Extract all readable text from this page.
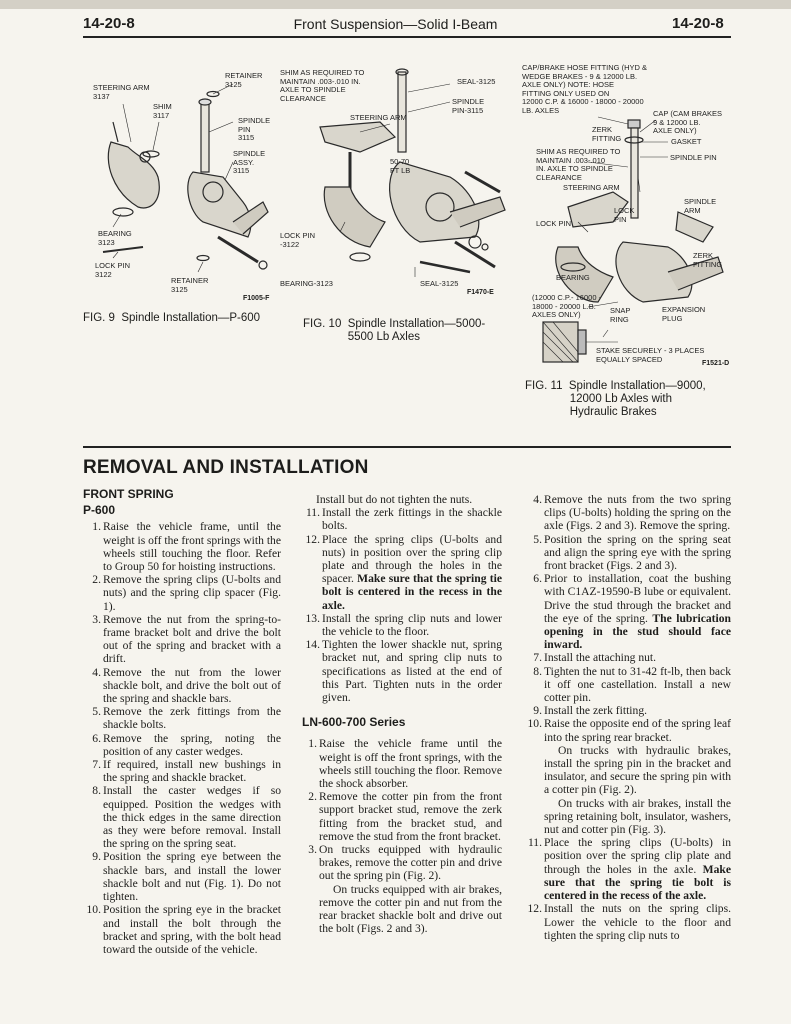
14-20-8	Front Suspension—Solid I-Beam	14-20-8
RETAINER
3125
STEERING ARM
3137
SHIM
3117
SPINDLE
PIN
3115
SPINDLE
ASSY.
3115
BEARING
3123
LOCK PIN
3122
RETAINER
3125
F1005-F
FIG. 9  Spindle Installation—P-600
SHIM AS REQUIRED TO
MAINTAIN .003-.010 IN.
AXLE TO SPINDLE
CLEARANCE
SEAL-3125
SPINDLE
PIN-3115
STEERING ARM
50-70
FT LB
LOCK PIN
-3122
BEARING-3123	SEAL-3125
F1470-E
FIG. 10  Spindle Installation—5000-
5500 Lb Axles
CAP/BRAKE HOSE FITTING (HYD &
WEDGE BRAKES - 9 & 12000 LB.
AXLE ONLY) NOTE: HOSE
FITTING ONLY USED ON
12000 C.P. & 16000 - 18000 - 20000
LB. AXLES	CAP (CAM BRAKES
9 & 12000 LB.
AXLE ONLY)
ZERK
FITTING	GASKET
SHIM AS REQUIRED TO
MAINTAIN .003-.010
IN. AXLE TO SPINDLE
CLEARANCE
SPINDLE PIN
STEERING ARM
SPINDLE
ARM
LOCK PIN
LOCK
PIN
ZERK
FITTING
BEARING
(12000 C.P.- 16000 -
18000 - 20000 L.B.
AXLES ONLY)	SNAP
RING
EXPANSION
PLUG
STAKE SECURELY - 3 PLACES
EQUALLY SPACED	F1521-D
FIG. 11  Spindle Installation—9000,
12000 Lb Axles with
Hydraulic Brakes
REMOVAL AND INSTALLATION
FRONT SPRING
P-600
1. Raise the vehicle frame, until the weight is off the front springs with the wheels still touching the floor. Refer to Group 50 for hoisting instructions.
2. Remove the spring clips (U-bolts and nuts) and the spring clip spacer (Fig. 1).
3. Remove the nut from the spring-to-frame bracket bolt and drive the bolt out of the spring and bracket with a drift.
4. Remove the nut from the lower shackle bolt, and drive the bolt out of the spring and shackle bars.
5. Remove the zerk fittings from the shackle bolts.
6. Remove the spring, noting the position of any caster wedges.
7. If required, install new bushings in the spring and shackle bracket.
8. Install the caster wedges if so equipped. Position the wedges with the thick edges in the same direction as they were before removal. Install the spring on the spring seat.
9. Position the spring eye between the shackle bars, and install the lower shackle bolt and nut (Fig. 1). Do not tighten.
10. Position the spring eye in the bracket and install the bolt through the bracket and spring, with the bolt head toward the outside of the vehicle.

Install but do not tighten the nuts.

11. Install the zerk fittings in the shackle bolts.
12. Place the spring clips (U-bolts and nuts) in position over the spring clip plate and through the holes in the spacer. Make sure that the spring tie bolt is centered in the recess in the axle.
13. Install the spring clip nuts and lower the vehicle to the floor.
14. Tighten the lower shackle nut, spring bracket nut, and spring clip nuts to specifications as listed at the end of this Part. Tighten nuts in the order given.
LN-600-700 Series
1. Raise the vehicle frame until the weight is off the front springs, with the wheels still touching the floor. Remove the shock absorber.
2. Remove the cotter pin from the front support bracket stud, remove the zerk fitting from the bracket stud, and remove the stud from the front bracket.
3. On trucks equipped with hydraulic brakes, remove the cotter pin and drive out the spring pin (Fig. 2).

On trucks equipped with air brakes, remove the cotter pin and nut from the rear bracket shackle bolt and drive out the bolt (Figs. 2 and 3).

4. Remove the nuts from the two spring clips (U-bolts) holding the spring on the axle (Figs. 2 and 3). Remove the spring.
5. Position the spring on the spring seat and align the spring eye with the spring front bracket (Figs. 2 and 3).
6. Prior to installation, coat the bushing with C1AZ-19590-B lube or equivalent. Drive the stud through the bracket and the eye of the spring. The lubrication opening in the stud should face inward.
7. Install the attaching nut.
8. Tighten the nut to 31-42 ft-lb, then back it off one castellation. Install a new cotter pin.
9. Install the zerk fitting.
10. Raise the opposite end of the spring leaf into the spring rear bracket.

On trucks with hydraulic brakes, install the spring pin in the bracket and insulator, and secure the spring pin with a cotter pin (Fig. 2).

On trucks with air brakes, install the spring retaining bolt, insulator, washers, nut and cotter pin (Fig. 3).

11. Place the spring clips (U-bolts) in position over the spring clip plate and through the holes in the axle. Make sure that the spring tie bolt is centered in the recess of the axle.
12. Install the nuts on the spring clips. Lower the vehicle to the floor and tighten the spring clip nuts to
